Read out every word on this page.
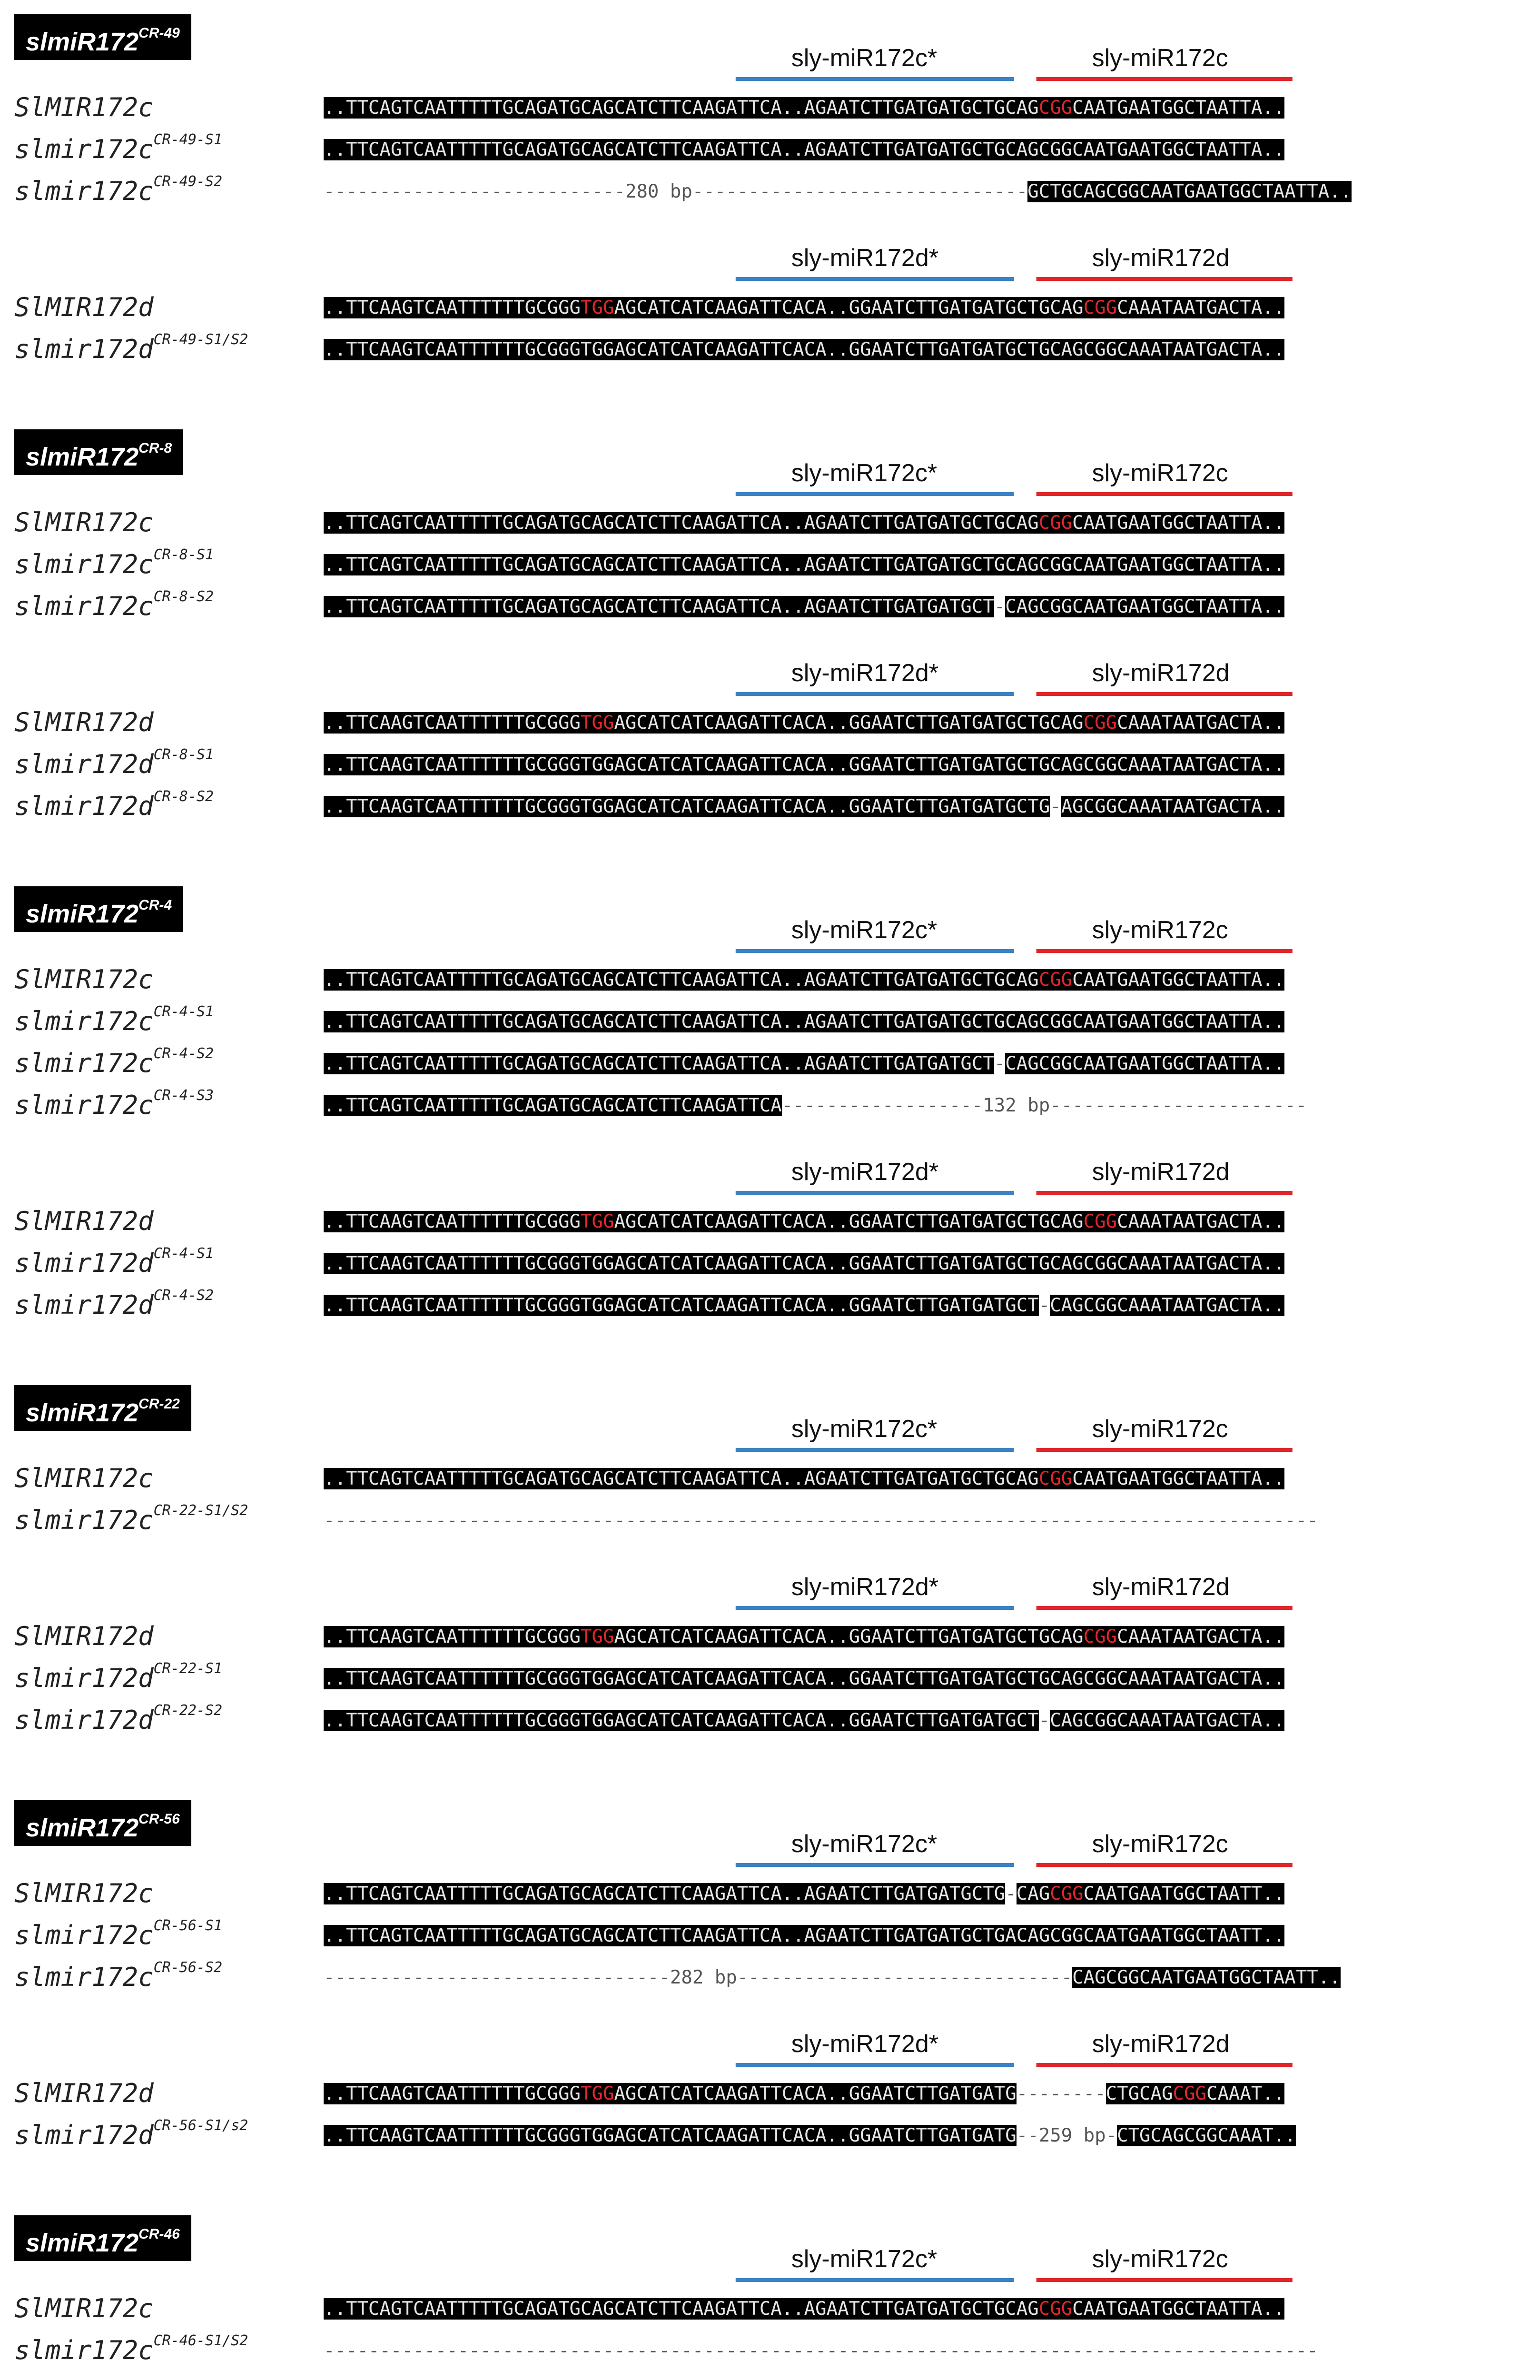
$slmiR172^{CR-49}$
sly-miR172c*	sly-miR172c
SlMIR172c	..TTCAGTCAATTTTTGCAGATGCAGCATCTTCAAGATTCA..AGAATCTTGATGATGCTGCAGCGGCAATGAATGGCTAATTA..
$slmir172c^{CR-49-S1}$	..TTCAGTCAATTTTTGCAGATGCAGCATCTTCAAGATTCA..AGAATCTTGATGATGCTGCAGCGGCAATGAATGGCTAATTA..
$slmir172c^{CR-49-S2}$	---------------------------280 bp------------------------------GCTGCAGCGGCAATGAATGGCTAATTA..
sly-miR172d*	sly-miR172d
SlMIR172d	..TTCAAGTCAATTTTTTGCGGGTGGAGCATCATCAAGATTCACA..GGAATCTTGATGATGCTGCAGCGGCAAATAATGACTA..
$slmir172d^{CR-49-S1/S2}$	..TTCAAGTCAATTTTTTGCGGGTGGAGCATCATCAAGATTCACA..GGAATCTTGATGATGCTGCAGCGGCAAATAATGACTA..
$slmiR172^{CR-8}$
sly-miR172c*	sly-miR172c
SlMIR172c	..TTCAGTCAATTTTTGCAGATGCAGCATCTTCAAGATTCA..AGAATCTTGATGATGCTGCAGCGGCAATGAATGGCTAATTA..
$slmir172c^{CR-8-S1}$	..TTCAGTCAATTTTTGCAGATGCAGCATCTTCAAGATTCA..AGAATCTTGATGATGCTGCAGCGGCAATGAATGGCTAATTA..
$slmir172c^{CR-8-S2}$	..TTCAGTCAATTTTTGCAGATGCAGCATCTTCAAGATTCA..AGAATCTTGATGATGCT-CAGCGGCAATGAATGGCTAATTA..
sly-miR172d*	sly-miR172d
SlMIR172d	..TTCAAGTCAATTTTTTGCGGGTGGAGCATCATCAAGATTCACA..GGAATCTTGATGATGCTGCAGCGGCAAATAATGACTA..
$slmir172d^{CR-8-S1}$	..TTCAAGTCAATTTTTTGCGGGTGGAGCATCATCAAGATTCACA..GGAATCTTGATGATGCTGCAGCGGCAAATAATGACTA..
$slmir172d^{CR-8-S2}$	..TTCAAGTCAATTTTTTGCGGGTGGAGCATCATCAAGATTCACA..GGAATCTTGATGATGCTG-AGCGGCAAATAATGACTA..
$slmiR172^{CR-4}$
sly-miR172c*	sly-miR172c
SlMIR172c	..TTCAGTCAATTTTTGCAGATGCAGCATCTTCAAGATTCA..AGAATCTTGATGATGCTGCAGCGGCAATGAATGGCTAATTA..
$slmir172c^{CR-4-S1}$	..TTCAGTCAATTTTTGCAGATGCAGCATCTTCAAGATTCA..AGAATCTTGATGATGCTGCAGCGGCAATGAATGGCTAATTA..
$slmir172c^{CR-4-S2}$	..TTCAGTCAATTTTTGCAGATGCAGCATCTTCAAGATTCA..AGAATCTTGATGATGCT-CAGCGGCAATGAATGGCTAATTA..
$slmir172c^{CR-4-S3}$	..TTCAGTCAATTTTTGCAGATGCAGCATCTTCAAGATTCA------------------132 bp-----------------------
sly-miR172d*	sly-miR172d
SlMIR172d	..TTCAAGTCAATTTTTTGCGGGTGGAGCATCATCAAGATTCACA..GGAATCTTGATGATGCTGCAGCGGCAAATAATGACTA..
$slmir172d^{CR-4-S1}$	..TTCAAGTCAATTTTTTGCGGGTGGAGCATCATCAAGATTCACA..GGAATCTTGATGATGCTGCAGCGGCAAATAATGACTA..
$slmir172d^{CR-4-S2}$	..TTCAAGTCAATTTTTTGCGGGTGGAGCATCATCAAGATTCACA..GGAATCTTGATGATGCT-CAGCGGCAAATAATGACTA..
$slmiR172^{CR-22}$
sly-miR172c*	sly-miR172c
SlMIR172c	..TTCAGTCAATTTTTGCAGATGCAGCATCTTCAAGATTCA..AGAATCTTGATGATGCTGCAGCGGCAATGAATGGCTAATTA..
$slmir172c^{CR-22-S1/S2}$	-----------------------------------------------------------------------------------------
sly-miR172d*	sly-miR172d
SlMIR172d	..TTCAAGTCAATTTTTTGCGGGTGGAGCATCATCAAGATTCACA..GGAATCTTGATGATGCTGCAGCGGCAAATAATGACTA..
$slmir172d^{CR-22-S1}$	..TTCAAGTCAATTTTTTGCGGGTGGAGCATCATCAAGATTCACA..GGAATCTTGATGATGCTGCAGCGGCAAATAATGACTA..
$slmir172d^{CR-22-S2}$	..TTCAAGTCAATTTTTTGCGGGTGGAGCATCATCAAGATTCACA..GGAATCTTGATGATGCT-CAGCGGCAAATAATGACTA..
$slmiR172^{CR-56}$
sly-miR172c*	sly-miR172c
SlMIR172c	..TTCAGTCAATTTTTGCAGATGCAGCATCTTCAAGATTCA..AGAATCTTGATGATGCTG-CAGCGGCAATGAATGGCTAATT..
$slmir172c^{CR-56-S1}$	..TTCAGTCAATTTTTGCAGATGCAGCATCTTCAAGATTCA..AGAATCTTGATGATGCTGACAGCGGCAATGAATGGCTAATT..
$slmir172c^{CR-56-S2}$	-------------------------------282 bp------------------------------CAGCGGCAATGAATGGCTAATT..
sly-miR172d*	sly-miR172d
SlMIR172d	..TTCAAGTCAATTTTTTGCGGGTGGAGCATCATCAAGATTCACA..GGAATCTTGATGATG--------CTGCAGCGGCAAAT..
$slmir172d^{CR-56-S1/s2}$	..TTCAAGTCAATTTTTTGCGGGTGGAGCATCATCAAGATTCACA..GGAATCTTGATGATG--259 bp-CTGCAGCGGCAAAT..
$slmiR172^{CR-46}$
sly-miR172c*	sly-miR172c
SlMIR172c	..TTCAGTCAATTTTTGCAGATGCAGCATCTTCAAGATTCA..AGAATCTTGATGATGCTGCAGCGGCAATGAATGGCTAATTA..
$slmir172c^{CR-46-S1/S2}$	-----------------------------------------------------------------------------------------
